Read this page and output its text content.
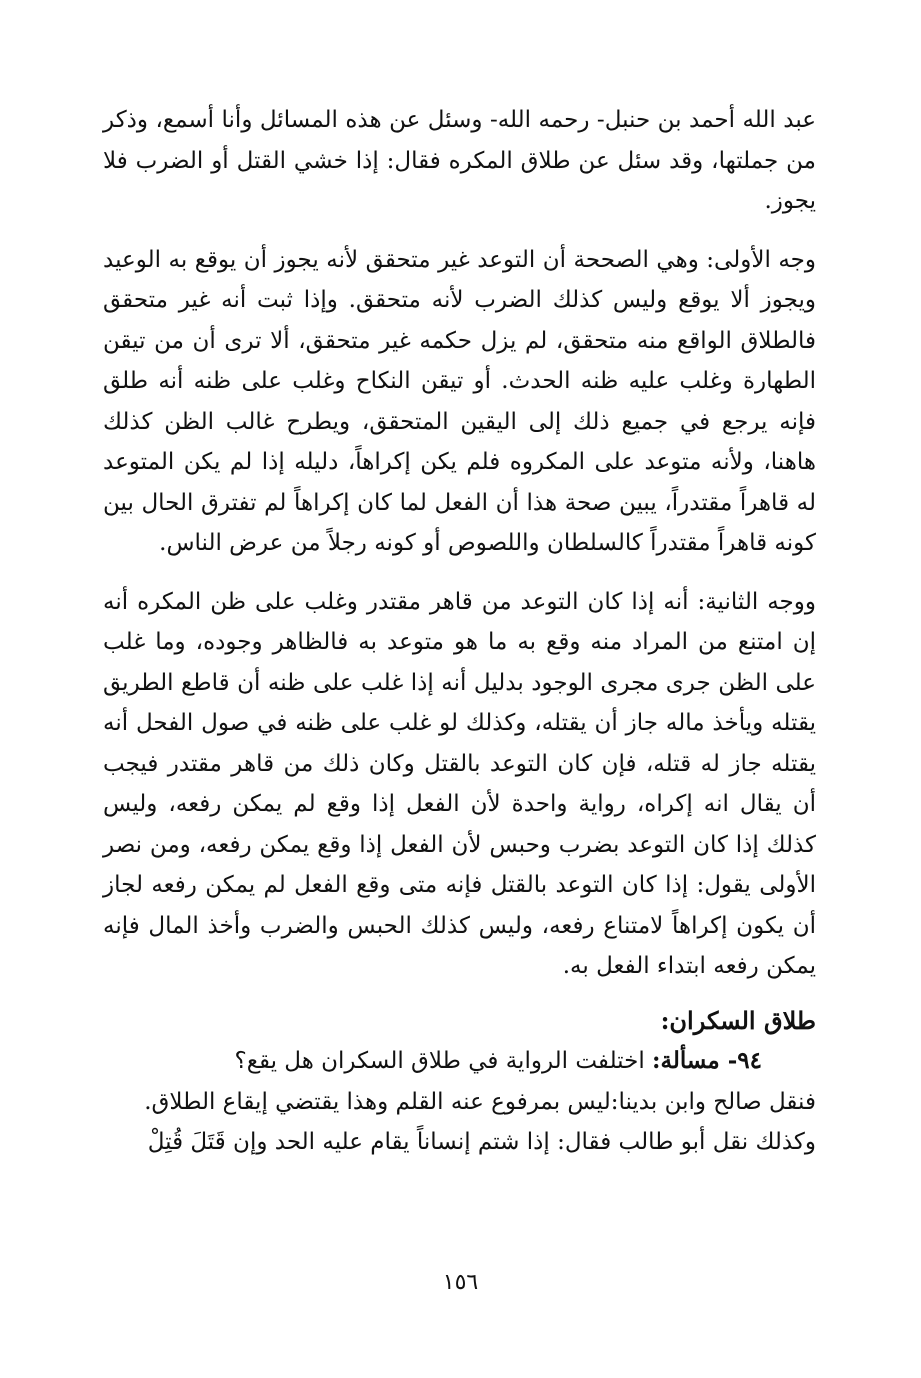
عبد الله أحمد بن حنبل- رحمه الله- وسئل عن هذه المسائل وأنا أسمع، وذكر من جملتها، وقد سئل عن طلاق المكره فقال: إذا خشي القتل أو الضرب فلا يجوز.

وجه الأولى: وهي الصححة أن التوعد غير متحقق لأنه يجوز أن يوقع به الوعيد ويجوز ألا يوقع وليس كذلك الضرب لأنه متحقق. وإذا ثبت أنه غير متحقق فالطلاق الواقع منه متحقق، لم يزل حكمه غير متحقق، ألا ترى أن من تيقن الطهارة وغلب عليه ظنه الحدث. أو تيقن النكاح وغلب على ظنه أنه طلق فإنه يرجع في جميع ذلك إلى اليقين المتحقق، ويطرح غالب الظن كذلك هاهنا، ولأنه متوعد على المكروه فلم يكن إكراهاً، دليله إذا لم يكن المتوعد له قاهراً مقتدراً، يبين صحة هذا أن الفعل لما كان إكراهاً لم تفترق الحال بين كونه قاهراً مقتدراً كالسلطان واللصوص أو كونه رجلاً من عرض الناس.

ووجه الثانية: أنه إذا كان التوعد من قاهر مقتدر وغلب على ظن المكره أنه إن امتنع من المراد منه وقع به ما هو متوعد به فالظاهر وجوده، وما غلب على الظن جرى مجرى الوجود بدليل أنه إذا غلب على ظنه أن قاطع الطريق يقتله ويأخذ ماله جاز أن يقتله، وكذلك لو غلب على ظنه في صول الفحل أنه يقتله جاز له قتله، فإن كان التوعد بالقتل وكان ذلك من قاهر مقتدر فيجب أن يقال انه إكراه، رواية واحدة لأن الفعل إذا وقع لم يمكن رفعه، وليس كذلك إذا كان التوعد بضرب وحبس لأن الفعل إذا وقع يمكن رفعه، ومن نصر الأولى يقول: إذا كان التوعد بالقتل فإنه متى وقع الفعل لم يمكن رفعه لجاز أن يكون إكراهاً لامتناع رفعه، وليس كذلك الحبس والضرب وأخذ المال فإنه يمكن رفعه ابتداء الفعل به.

طلاق السكران:

٩٤- مسألة: اختلفت الرواية في طلاق السكران هل يقع؟

فنقل صالح وابن بدينا:ليس بمرفوع عنه القلم وهذا يقتضي إيقاع الطلاق.

وكذلك نقل أبو طالب فقال: إذا شتم إنساناً يقام عليه الحد وإن قَتَلَ قُتِلْ

١٥٦
